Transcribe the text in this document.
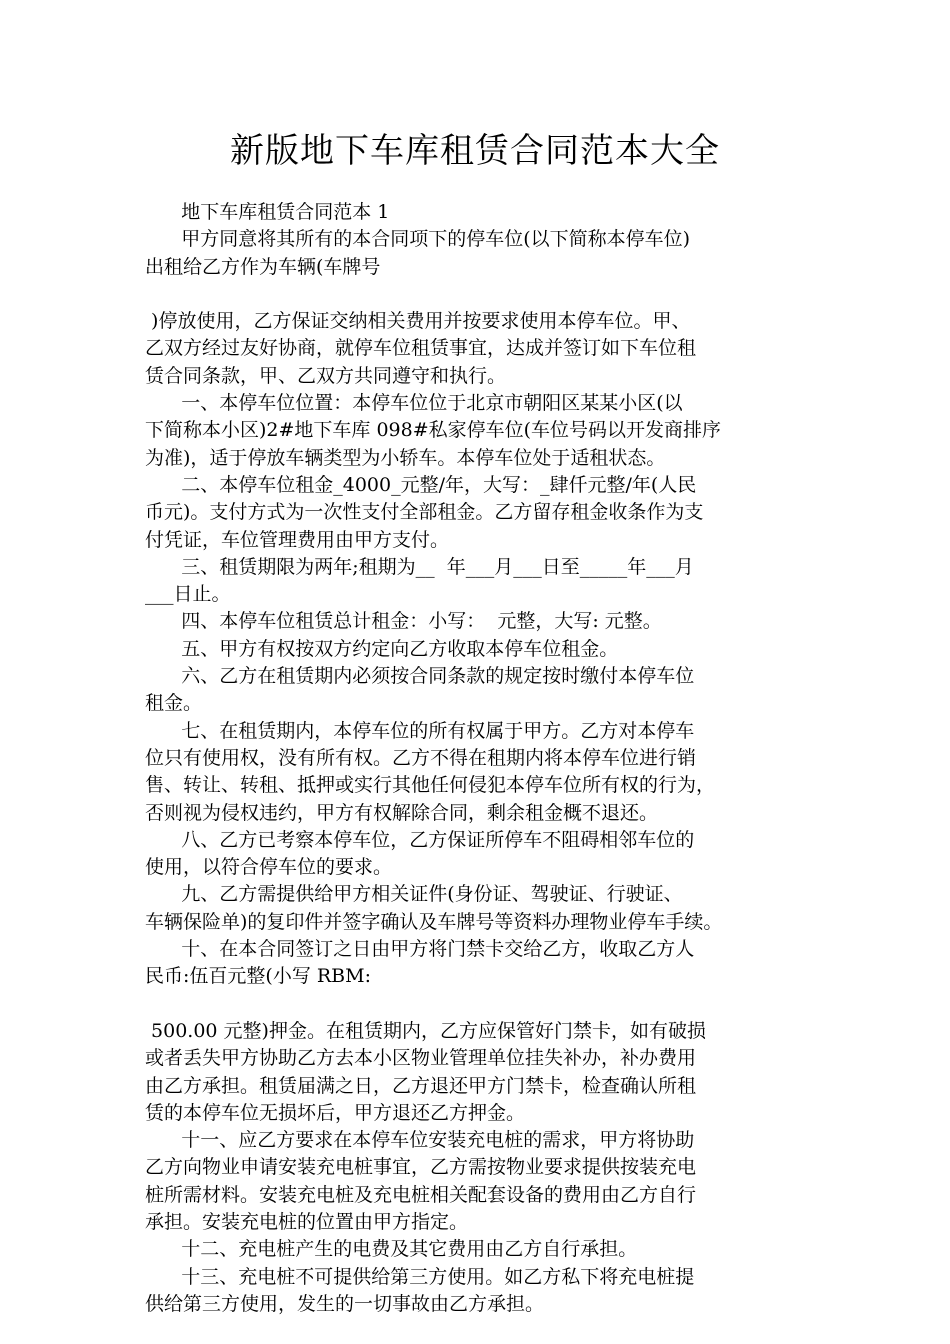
新版地下车库租赁合同范本大全
地下车库租赁合同范本 1
甲方同意将其所有的本合同项下的停车位(以下简称本停车位)
出租给乙方作为车辆(车牌号
)停放使用，乙方保证交纳相关费用并按要求使用本停车位。甲、
乙双方经过友好协商，就停车位租赁事宜，达成并签订如下车位租
赁合同条款，甲、乙双方共同遵守和执行。
一、本停车位位置：本停车位位于北京市朝阳区某某小区(以
下简称本小区)2#地下车库 098#私家停车位(车位号码以开发商排序
为准)，适于停放车辆类型为小轿车。本停车位处于适租状态。
二、本停车位租金_4000_元整/年，大写：_肆仟元整/年(人民
币元)。支付方式为一次性支付全部租金。乙方留存租金收条作为支
付凭证，车位管理费用由甲方支付。
三、租赁期限为两年;租期为__  年___月___日至_____年___月
___日止。
四、本停车位租赁总计租金：小写：  元整，大写: 元整。
五、甲方有权按双方约定向乙方收取本停车位租金。
六、乙方在租赁期内必须按合同条款的规定按时缴付本停车位
租金。
七、在租赁期内，本停车位的所有权属于甲方。乙方对本停车
位只有使用权，没有所有权。乙方不得在租期内将本停车位进行销
售、转让、转租、抵押或实行其他任何侵犯本停车位所有权的行为，
否则视为侵权违约，甲方有权解除合同，剩余租金概不退还。
八、乙方已考察本停车位，乙方保证所停车不阻碍相邻车位的
使用，以符合停车位的要求。
九、乙方需提供给甲方相关证件(身份证、驾驶证、行驶证、
车辆保险单)的复印件并签字确认及车牌号等资料办理物业停车手续。
十、在本合同签订之日由甲方将门禁卡交给乙方，收取乙方人
民币:伍百元整(小写 RBM:
500.00 元整)押金。在租赁期内，乙方应保管好门禁卡，如有破损
或者丢失甲方协助乙方去本小区物业管理单位挂失补办，补办费用
由乙方承担。租赁届满之日，乙方退还甲方门禁卡，检查确认所租
赁的本停车位无损坏后，甲方退还乙方押金。
十一、应乙方要求在本停车位安装充电桩的需求，甲方将协助
乙方向物业申请安装充电桩事宜，乙方需按物业要求提供按装充电
桩所需材料。安装充电桩及充电桩相关配套设备的费用由乙方自行
承担。安装充电桩的位置由甲方指定。
十二、充电桩产生的电费及其它费用由乙方自行承担。
十三、充电桩不可提供给第三方使用。如乙方私下将充电桩提
供给第三方使用，发生的一切事故由乙方承担。
